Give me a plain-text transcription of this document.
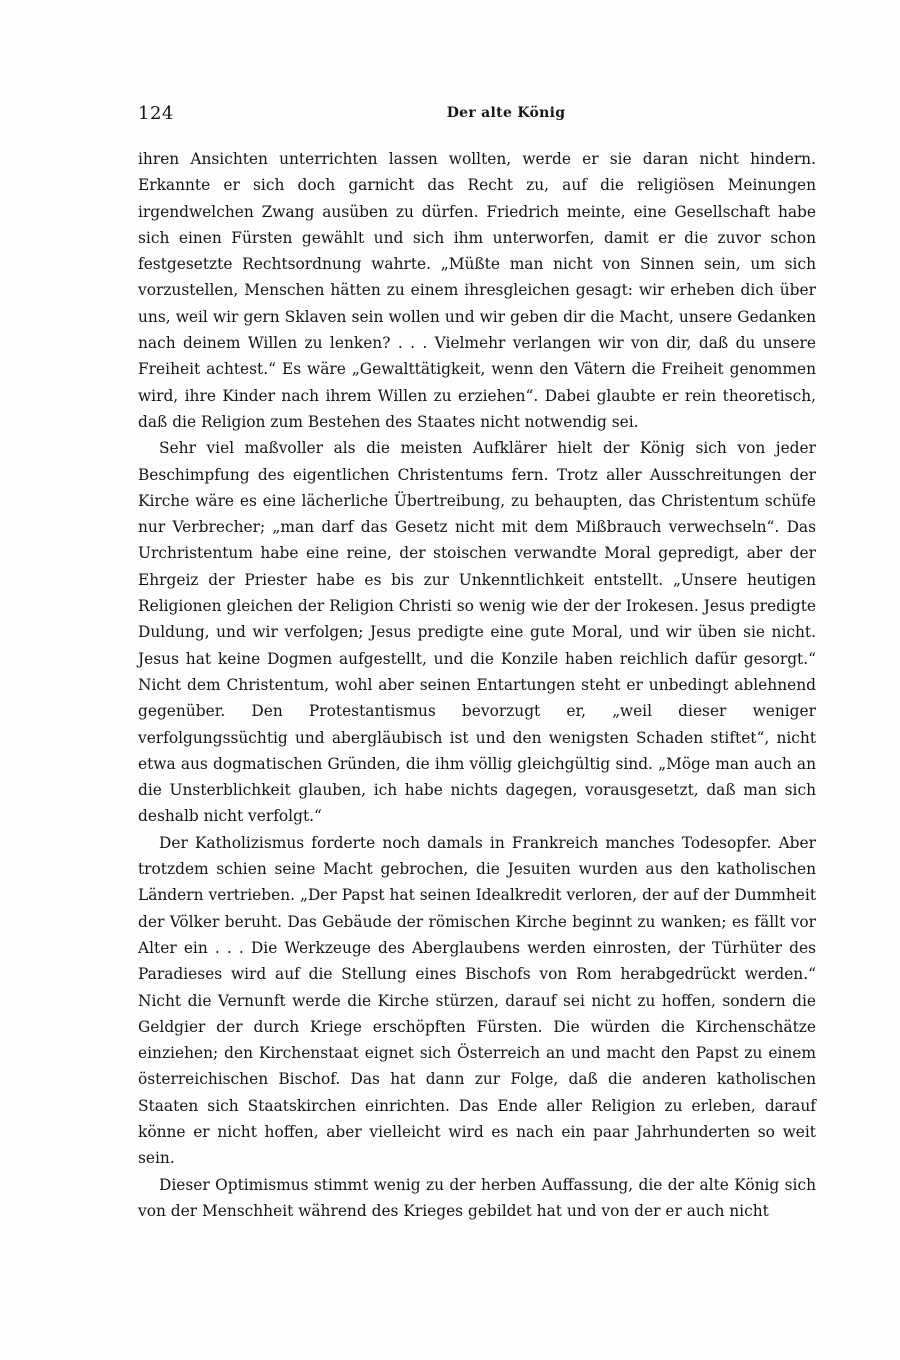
124	Der alte König

ihren Ansichten unterrichten lassen wollten, werde er sie daran nicht hindern. Erkannte er sich doch garnicht das Recht zu, auf die religiösen Meinungen irgendwelchen Zwang ausüben zu dürfen. Friedrich meinte, eine Gesellschaft habe sich einen Fürsten gewählt und sich ihm unterworfen, damit er die zuvor schon festgesetzte Rechtsordnung wahrte. „Müßte man nicht von Sinnen sein, um sich vorzustellen, Menschen hätten zu einem ihresgleichen gesagt: wir erheben dich über uns, weil wir gern Sklaven sein wollen und wir geben dir die Macht, unsere Gedanken nach deinem Willen zu lenken? . . . Vielmehr verlangen wir von dir, daß du unsere Freiheit achtest.“ Es wäre „Gewalttätigkeit, wenn den Vätern die Freiheit genommen wird, ihre Kinder nach ihrem Willen zu erziehen“. Dabei glaubte er rein theoretisch, daß die Religion zum Bestehen des Staates nicht notwendig sei.

Sehr viel maßvoller als die meisten Aufklärer hielt der König sich von jeder Beschimpfung des eigentlichen Christentums fern. Trotz aller Ausschreitungen der Kirche wäre es eine lächerliche Übertreibung, zu behaupten, das Christentum schüfe nur Verbrecher; „man darf das Gesetz nicht mit dem Mißbrauch verwechseln“. Das Urchristentum habe eine reine, der stoischen verwandte Moral gepredigt, aber der Ehrgeiz der Priester habe es bis zur Unkenntlichkeit entstellt. „Unsere heutigen Religionen gleichen der Religion Christi so wenig wie der der Irokesen. Jesus predigte Duldung, und wir verfolgen; Jesus predigte eine gute Moral, und wir üben sie nicht. Jesus hat keine Dogmen aufgestellt, und die Konzile haben reichlich dafür gesorgt.“ Nicht dem Christentum, wohl aber seinen Entartungen steht er unbedingt ablehnend gegenüber. Den Protestantismus bevorzugt er, „weil dieser weniger verfolgungssüchtig und abergläubisch ist und den wenigsten Schaden stiftet“, nicht etwa aus dogmatischen Gründen, die ihm völlig gleichgültig sind. „Möge man auch an die Unsterblichkeit glauben, ich habe nichts dagegen, vorausgesetzt, daß man sich deshalb nicht verfolgt.“

Der Katholizismus forderte noch damals in Frankreich manches Todesopfer. Aber trotzdem schien seine Macht gebrochen, die Jesuiten wurden aus den katholischen Ländern vertrieben. „Der Papst hat seinen Idealkredit verloren, der auf der Dummheit der Völker beruht. Das Gebäude der römischen Kirche beginnt zu wanken; es fällt vor Alter ein . . . Die Werkzeuge des Aberglaubens werden einrosten, der Türhüter des Paradieses wird auf die Stellung eines Bischofs von Rom herabgedrückt werden.“ Nicht die Vernunft werde die Kirche stürzen, darauf sei nicht zu hoffen, sondern die Geldgier der durch Kriege erschöpften Fürsten. Die würden die Kirchenschätze einziehen; den Kirchenstaat eignet sich Österreich an und macht den Papst zu einem österreichischen Bischof. Das hat dann zur Folge, daß die anderen katholischen Staaten sich Staatskirchen einrichten. Das Ende aller Religion zu erleben, darauf könne er nicht hoffen, aber vielleicht wird es nach ein paar Jahrhunderten so weit sein.

Dieser Optimismus stimmt wenig zu der herben Auffassung, die der alte König sich von der Menschheit während des Krieges gebildet hat und von der er auch nicht
